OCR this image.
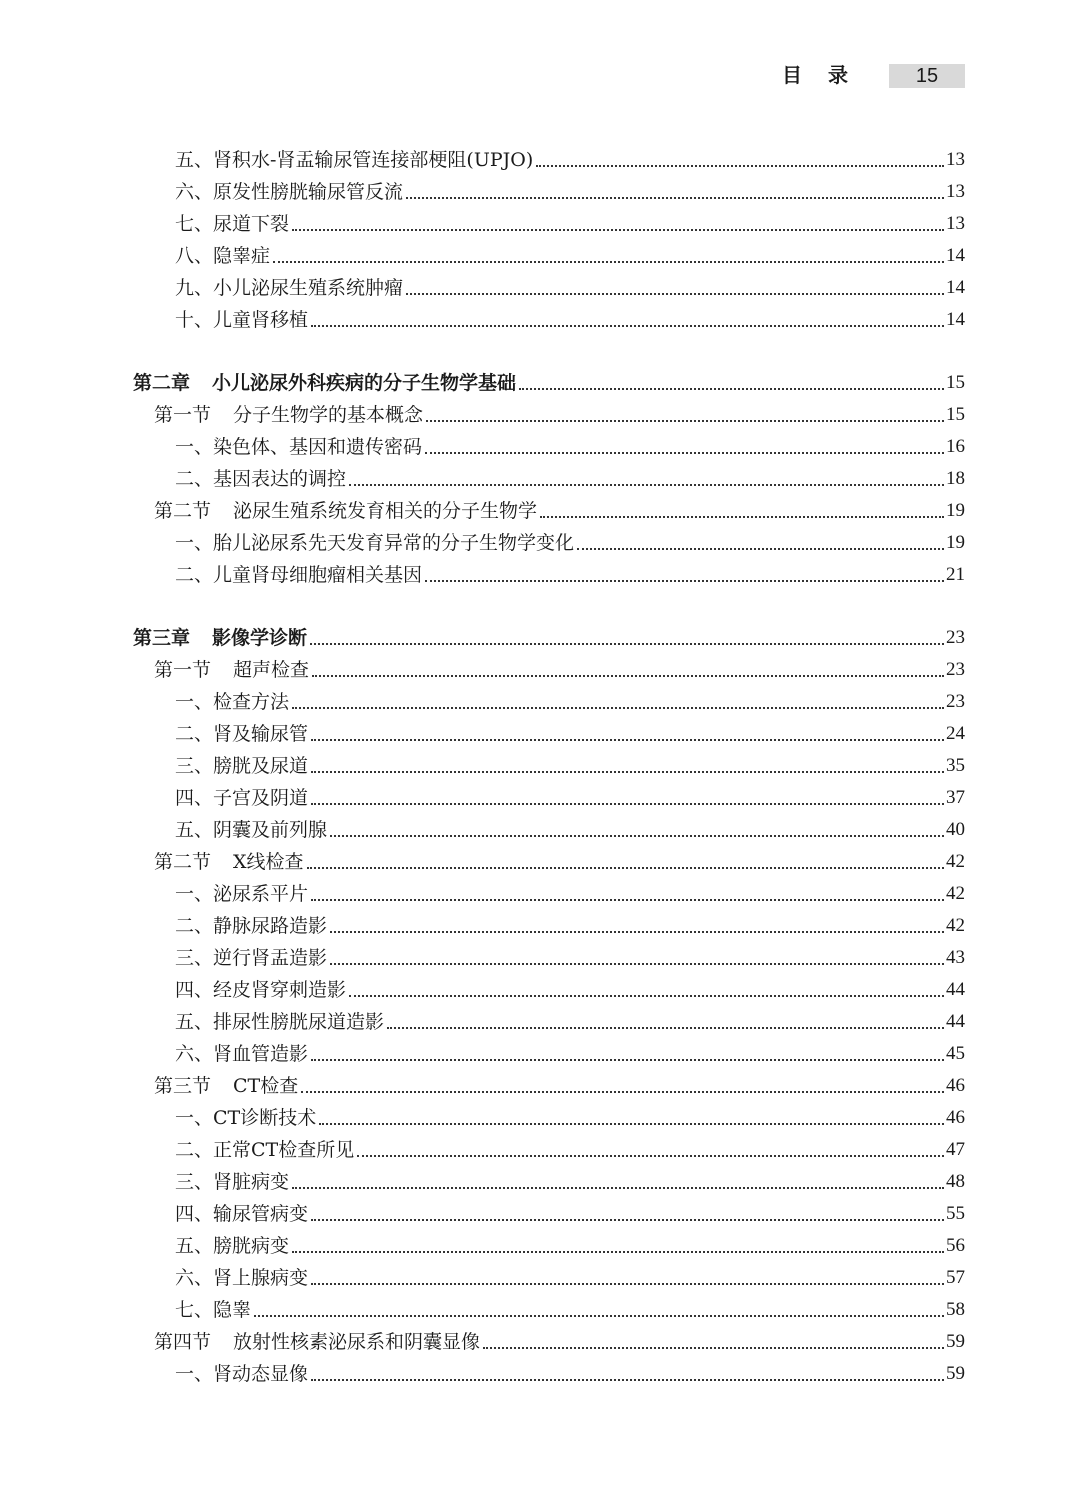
目录	15
五、肾积水-肾盂输尿管连接部梗阻(UPJO)	13
六、原发性膀胱输尿管反流	13
七、尿道下裂	13
八、隐睾症	14
九、小儿泌尿生殖系统肿瘤	14
十、儿童肾移植	14
第二章 小儿泌尿外科疾病的分子生物学基础	15
第一节 分子生物学的基本概念	15
一、染色体、基因和遗传密码	16
二、基因表达的调控	18
第二节 泌尿生殖系统发育相关的分子生物学	19
一、胎儿泌尿系先天发育异常的分子生物学变化	19
二、儿童肾母细胞瘤相关基因	21
第三章 影像学诊断	23
第一节 超声检查	23
一、检查方法	23
二、肾及输尿管	24
三、膀胱及尿道	35
四、子宫及阴道	37
五、阴囊及前列腺	40
第二节 X线检查	42
一、泌尿系平片	42
二、静脉尿路造影	42
三、逆行肾盂造影	43
四、经皮肾穿刺造影	44
五、排尿性膀胱尿道造影	44
六、肾血管造影	45
第三节 CT检查	46
一、CT诊断技术	46
二、正常CT检查所见	47
三、肾脏病变	48
四、输尿管病变	55
五、膀胱病变	56
六、肾上腺病变	57
七、隐睾	58
第四节 放射性核素泌尿系和阴囊显像	59
一、肾动态显像	59
